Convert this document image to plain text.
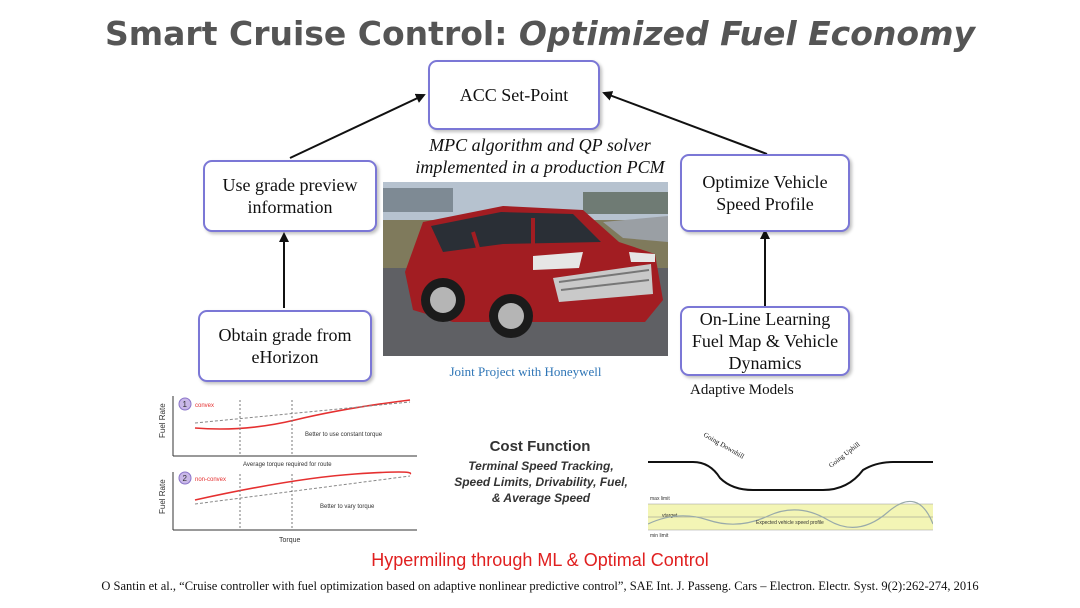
Smart Cruise Control: Optimized Fuel Economy
ACC Set-Point
Use grade preview information
Obtain grade from eHorizon
Optimize Vehicle Speed Profile
On-Line Learning Fuel Map & Vehicle Dynamics
MPC algorithm and QP solver implemented in a production PCM
Joint Project with Honeywell
Adaptive Models
Fuel Rate 1 convex
Better to use constant torque
Average torque required for route
Fuel Rate
2 non-convex
Better to vary torque
Torque
Cost Function
Terminal Speed Tracking, Speed Limits, Drivability, Fuel, & Average Speed
Going Downhill	Going Uphill
max limit
vtarget
min limit
Expected vehicle speed profile
Hypermiling through ML & Optimal Control
O Santin et al., “Cruise controller with fuel optimization based on adaptive nonlinear predictive control”, SAE Int. J. Passeng. Cars – Electron. Electr. Syst. 9(2):262-274, 2016
